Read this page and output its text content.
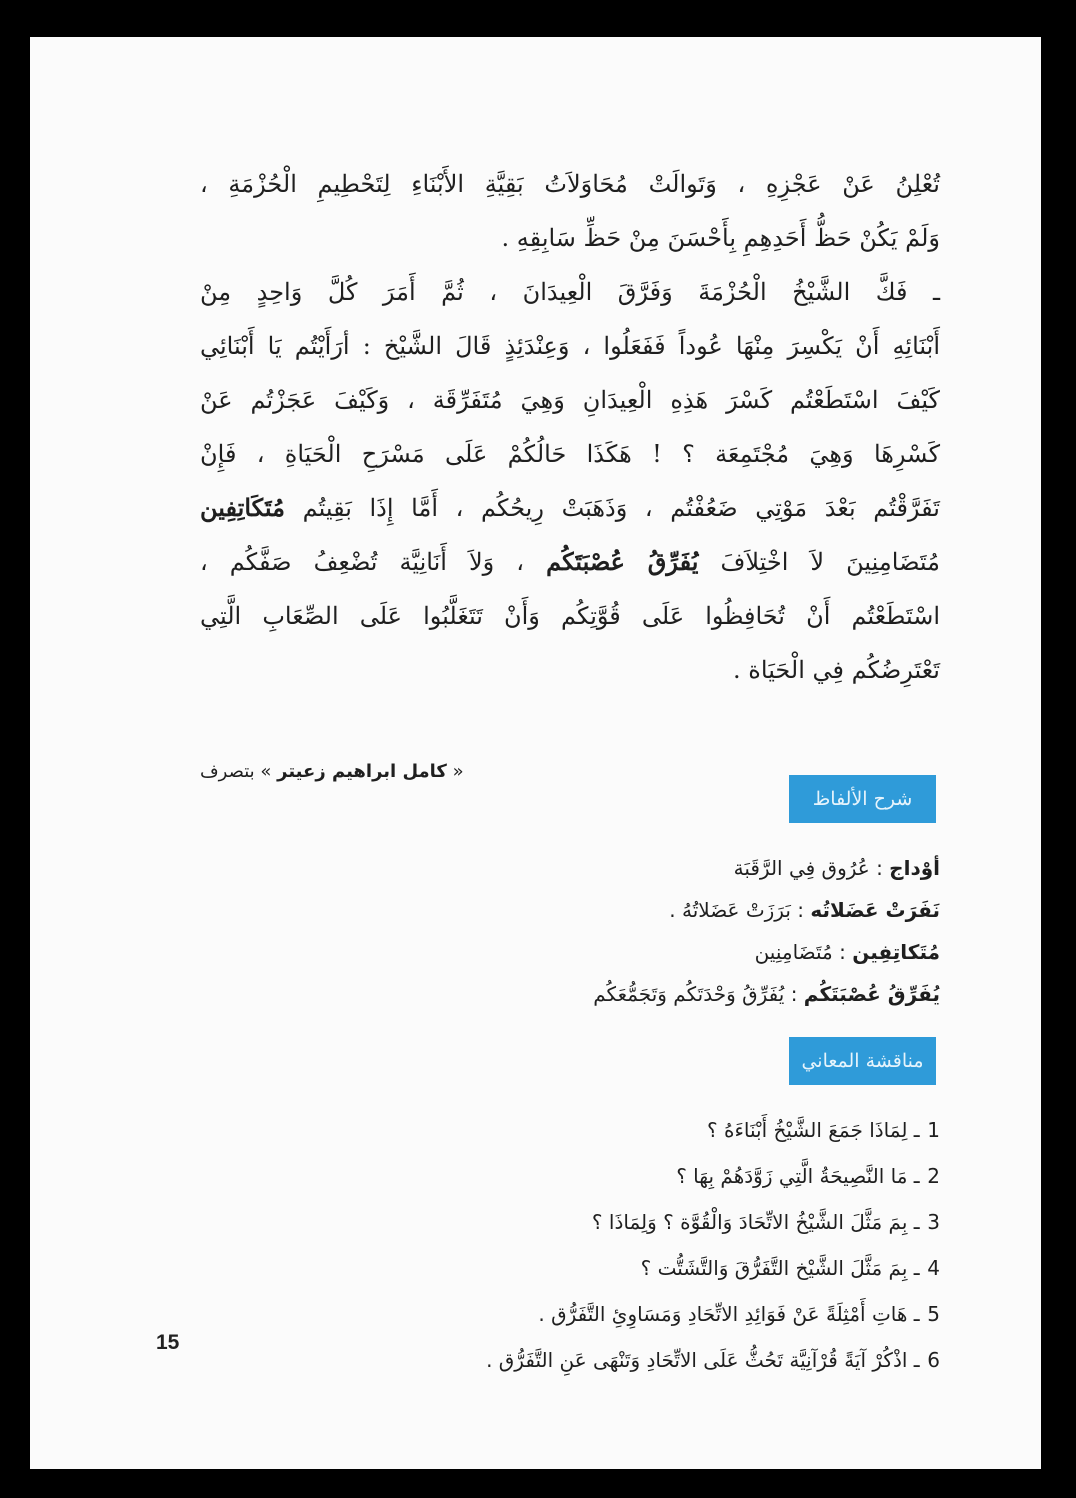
تُعْلِنُ عَنْ عَجْزِهِ ، وَتَوالَتْ مُحَاوَلاَتُ بَقِيَّةِ الأَبْنَاءِ لِتَحْطِيمِ الْحُزْمَةِ ،
وَلَمْ يَكُنْ حَظُّ أَحَدِهِمِ بِأَحْسَنَ مِنْ حَظِّ سَابِقِهِ .
ـ فَكَّ الشَّيْخُ الْحُزْمَةَ وَفَرَّقَ الْعِيدَانَ ، ثُمَّ أَمَرَ كُلَّ وَاحِدٍ مِنْ
أَبْنَائِهِ أَنْ يَكْسِرَ مِنْهَا عُوداً فَفَعَلُوا ، وَعِنْدَئِذٍ قَالَ الشَّيْخ : أرَأَيْتُم يَا أَبْنَائِي
كَيْفَ اسْتَطَعْتُم كَسْرَ هَذِهِ الْعِيدَانِ وَهِيَ مُتَفَرِّقَة ، وَكَيْفَ عَجَزْتُم عَنْ
كَسْرِهَا وَهِيَ مُجْتَمِعَة ؟ ! هَكَذَا حَالُكُمْ عَلَى مَسْرَحِ الْحَيَاةِ ، فَإِنْ
تَفَرَّقْتُم بَعْدَ مَوْتِي ضَعُفْتُم ، وَذَهَبَتْ رِيحُكُم ، أَمَّا إِذَا بَقِيتُم مُتَكَاتِفِين
مُتَضَامِنِينَ لاَ اخْتِلاَفَ يُفَرِّقُ عُصْبَتَكُم ، وَلاَ أَنَانِيَّة تُضْعِفُ صَفَّكُم ،
اسْتَطَعْتُم أَنْ تُحَافِظُوا عَلَى قُوَّتِكُم وَأَنْ تَتَغَلَّبُوا عَلَى الصِّعَابِ الَّتِي
تَعْتَرِضُكُم فِي الْحَيَاة .
« كامل ابراهيم زعيتر » بتصرف
شرح الألفاظ
أوْداج : عُرُوق فِي الرَّقَبَة
نَفَرَتْ عَضَلاتُه : بَرَزَتْ عَضَلاتُهُ .
مُتَكاتِفِين : مُتَضَامِنِين
يُفَرِّقُ عُصْبَتَكُم : يُفَرِّقُ وَحْدَتَكُم وَتَجَمُّعَكُم
مناقشة المعاني
1 ـ لِمَاذَا جَمَعَ الشَّيْخُ أَبْنَاءَهُ ؟
2 ـ مَا النَّصِيحَةُ الَّتِي زَوَّدَهُمْ بِهَا ؟
3 ـ بِمَ مَثَّلَ الشَّيْخُ الاتِّحَادَ وَالْقُوَّة ؟ وَلِمَاذَا ؟
4 ـ بِمَ مَثَّلَ الشَّيْخ التَّفَرُّقَ وَالتَّشَتُّت ؟
5 ـ هَاتِ أَمْثِلَةً عَنْ فَوَائِدِ الاتِّحَادِ وَمَسَاوِئِ التَّفَرُّق .
6 ـ اذْكُرْ آيَةً قُرْآنِيَّة تَحُثُّ عَلَى الاتِّحَادِ وَتَنْهَى عَنِ التَّفَرُّق .
15
